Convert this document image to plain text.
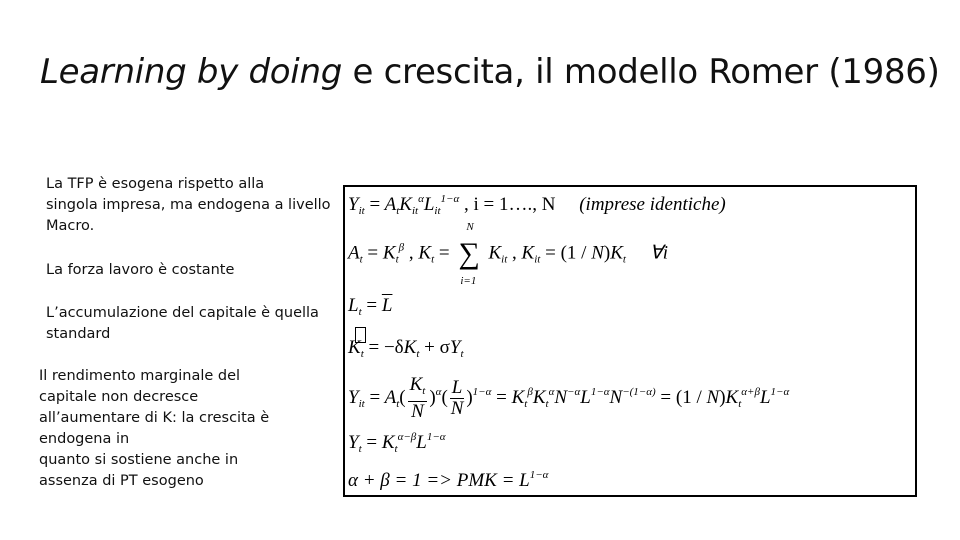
Learning by doing e crescita, il modello Romer (1986)
La TFP è esogena rispetto alla
singola impresa, ma endogena a livello
Macro.
La forza lavoro è costante
L’accumulazione del capitale è quella
standard
Il rendimento marginale del
capitale non decresce
all’aumentare di K: la crescita è
endogena in
quanto si sostiene anche in
assenza di PT esogeno
$Y_{it} = A_tK_{it}^\alpha L_{it}^{1-\alpha}$ , i = 1…., N (imprese identiche)
$A_t = K_t^\beta$ , $K_t$ = ∑
N
i=1
$K_{it}$ , $K_{it} = (1 / N)K_t$ ∀i
$L_t = \overline{L}$
$K_t = -\delta K_t + \sigma Y_t$
$Y_{it} = A_t( \frac{K_t}{N} )^\alpha( \frac{L}{N} )^{1-\alpha} = K_t^\beta K_t^\alpha N^{-\alpha}L^{1-\alpha}N^{-(1-\alpha)} = (1 / N)K_t^{\alpha+\beta}L^{1-\alpha}$
$Y_t = K_t^{\alpha-\beta}L^{1-\alpha}$
α + β = 1 => PMK = $L^{1-\alpha}$
